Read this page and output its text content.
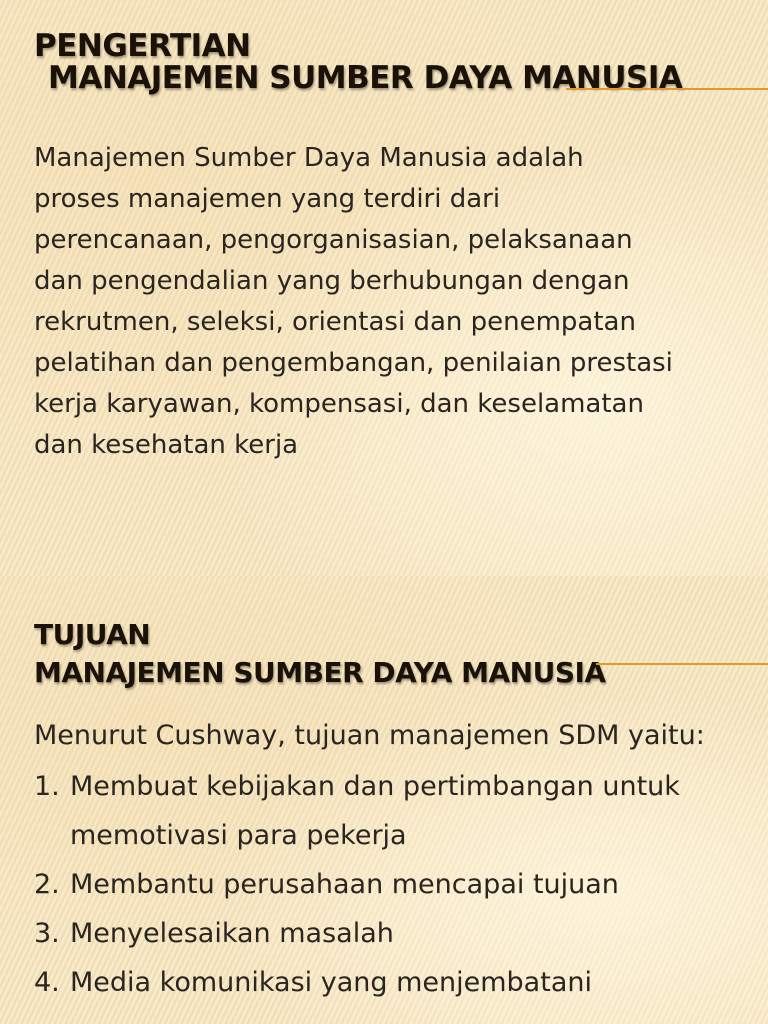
PENGERTIAN
MANAJEMEN SUMBER DAYA MANUSIA

Manajemen Sumber Daya Manusia adalah
proses manajemen yang terdiri dari
perencanaan, pengorganisasian, pelaksanaan
dan pengendalian yang berhubungan dengan
rekrutmen, seleksi, orientasi dan penempatan
pelatihan dan pengembangan, penilaian prestasi
kerja karyawan, kompensasi, dan keselamatan
dan kesehatan kerja

TUJUAN
MANAJEMEN SUMBER DAYA MANUSIA

Menurut Cushway, tujuan manajemen SDM yaitu:

1. Membuat kebijakan dan pertimbangan untuk
memotivasi para pekerja
2. Membantu perusahaan mencapai tujuan
3. Menyelesaikan masalah
4. Media komunikasi yang menjembatani
